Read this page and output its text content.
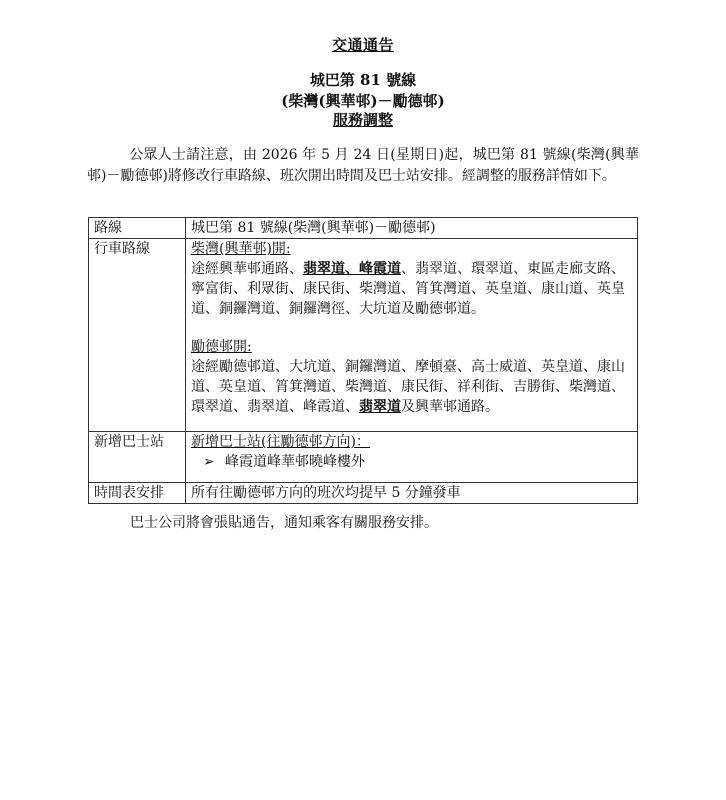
交通通告
城巴第 81 號線
(柴灣(興華邨)－勵德邨)
服務調整
公眾人士請注意，由 2026 年 5 月 24 日(星期日)起，城巴第 81 號線(柴灣(興華邨)－勵德邨)將修改行車路線、班次開出時間及巴士站安排。經調整的服務詳情如下。
路線	城巴第 81 號線(柴灣(興華邨)－勵德邨)
行車路線	柴灣(興華邨)開:
途經興華邨通路、翡翠道、峰霞道、翡翠道、環翠道、東區走廊支路、寧富街、利眾街、康民街、柴灣道、筲箕灣道、英皇道、康山道、英皇道、銅鑼灣道、銅鑼灣徑、大坑道及勵德邨道。
勵德邨開:
途經勵德邨道、大坑道、銅鑼灣道、摩頓臺、高士威道、英皇道、康山道、英皇道、筲箕灣道、柴灣道、康民街、祥利街、吉勝街、柴灣道、環翠道、翡翠道、峰霞道、翡翠道及興華邨通路。

新增巴士站	新增巴士站(往勵德邨方向)：
➢ 峰霞道峰華邨曉峰樓外

時間表安排	所有往勵德邨方向的班次均提早 5 分鐘發車
巴士公司將會張貼通告，通知乘客有關服務安排。
